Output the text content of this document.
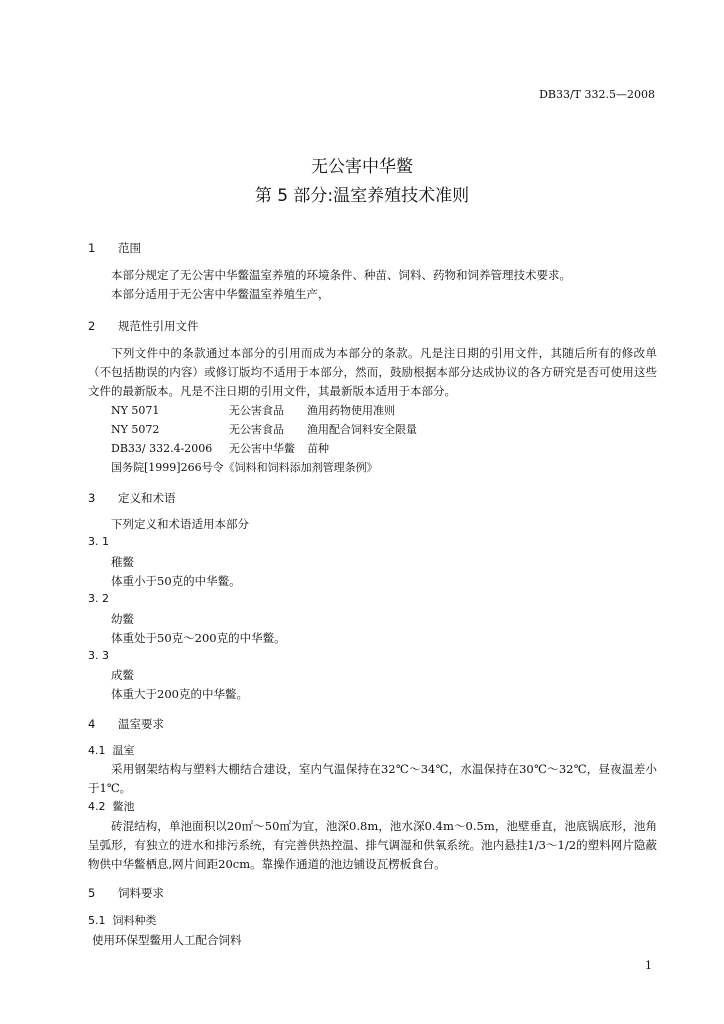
DB33/T 332.5—2008
无公害中华鳖
第 5 部分:温室养殖技术准则
1 范围
本部分规定了无公害中华鳖温室养殖的环境条件、种苗、饲料、药物和饲养管理技术要求。
本部分适用于无公害中华鳖温室养殖生产，
2 规范性引用文件
下列文件中的条款通过本部分的引用而成为本部分的条款。凡是注日期的引用文件，其随后所有的修改单（不包括勘误的内容）或修订版均不适用于本部分，然而，鼓励根据本部分达成协议的各方研究是否可使用这些文件的最新版本。凡是不注日期的引用文件，其最新版本适用于本部分。
NY 5071	无公害食品 渔用药物使用准则
NY 5072	无公害食品 渔用配合饲料安全限量
DB33/ 332.4-2006 无公害中华鳖 苗种
国务院[1999]266号令《饲料和饲料添加剂管理条例》
3 定义和术语
下列定义和术语适用本部分
3. 1
稚鳖
体重小于50克的中华鳖。
3. 2
幼鳖
体重处于50克～200克的中华鳖。
3. 3
成鳖
体重大于200克的中华鳖。
4 温室要求
4.1 温室
采用钢架结构与塑料大棚结合建设，室内气温保持在32℃～34℃，水温保持在30℃～32℃，昼夜温差小于1℃。
4.2 鳖池
砖混结构，单池面积以20㎡～50㎡为宜，池深0.8m，池水深0.4m～0.5m，池壁垂直，池底锅底形，池角呈弧形，有独立的进水和排污系统，有完善供热控温、排气调湿和供氧系统。池内悬挂1/3～1/2的塑料网片隐蔽物供中华鳖栖息,网片间距20cm。靠操作通道的池边铺设瓦楞板食台。
5 饲料要求
5.1 饲料种类
使用环保型鳖用人工配合饲料
1
